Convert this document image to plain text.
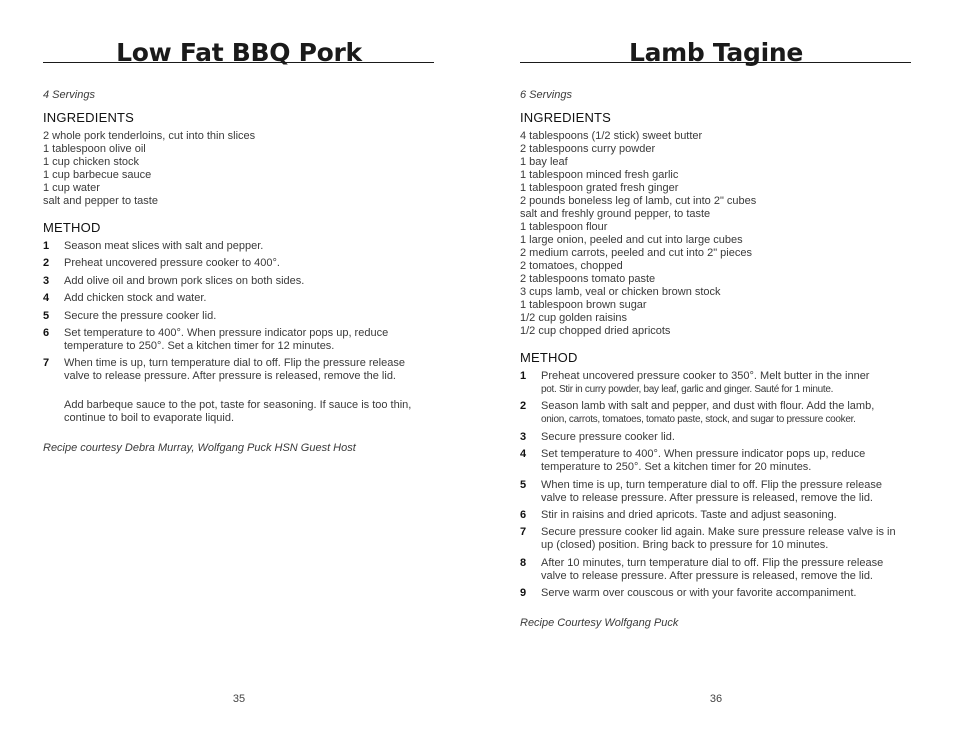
Low Fat BBQ Pork
4 Servings
INGREDIENTS
2 whole pork tenderloins, cut into thin slices
1 tablespoon olive oil
1 cup chicken stock
1 cup barbecue sauce
1 cup water
salt and pepper to taste
METHOD
1 Season meat slices with salt and pepper.
2 Preheat uncovered pressure cooker to 400°.
3 Add olive oil and brown pork slices on both sides.
4 Add chicken stock and water.
5 Secure the pressure cooker lid.
6 Set temperature to 400°. When pressure indicator pops up, reduce temperature to 250°. Set a kitchen timer for 12 minutes.
7 When time is up, turn temperature dial to off. Flip the pressure release valve to release pressure. After pressure is released, remove the lid.
Add barbeque sauce to the pot, taste for seasoning. If sauce is too thin, continue to boil to evaporate liquid.
Recipe courtesy Debra Murray, Wolfgang Puck HSN Guest Host
35
Lamb Tagine
6 Servings
INGREDIENTS
4 tablespoons (1/2 stick) sweet butter
2 tablespoons curry powder
1 bay leaf
1 tablespoon minced fresh garlic
1 tablespoon grated fresh ginger
2 pounds boneless leg of lamb, cut into 2" cubes
salt and freshly ground pepper, to taste
1 tablespoon flour
1 large onion, peeled and cut into large cubes
2 medium carrots, peeled and cut into 2" pieces
2 tomatoes, chopped
2 tablespoons tomato paste
3 cups lamb, veal or chicken brown stock
1 tablespoon brown sugar
1/2 cup golden raisins
1/2 cup chopped dried apricots
METHOD
1 Preheat uncovered pressure cooker to 350°. Melt butter in the inner
pot. Stir in curry powder, bay leaf, garlic and ginger. Sauté for 1 minute.
2 Season lamb with salt and pepper, and dust with flour. Add the lamb,
onion, carrots, tomatoes, tomato paste, stock, and sugar to pressure cooker.
3 Secure pressure cooker lid.
4 Set temperature to 400°. When pressure indicator pops up, reduce temperature to 250°. Set a kitchen timer for 20 minutes.
5 When time is up, turn temperature dial to off. Flip the pressure release valve to release pressure. After pressure is released, remove the lid.
6 Stir in raisins and dried apricots. Taste and adjust seasoning.
7 Secure pressure cooker lid again. Make sure pressure release valve is in up (closed) position. Bring back to pressure for 10 minutes.
8 After 10 minutes, turn temperature dial to off. Flip the pressure release valve to release pressure. After pressure is released, remove the lid.
9 Serve warm over couscous or with your favorite accompaniment.
Recipe Courtesy Wolfgang Puck
36
